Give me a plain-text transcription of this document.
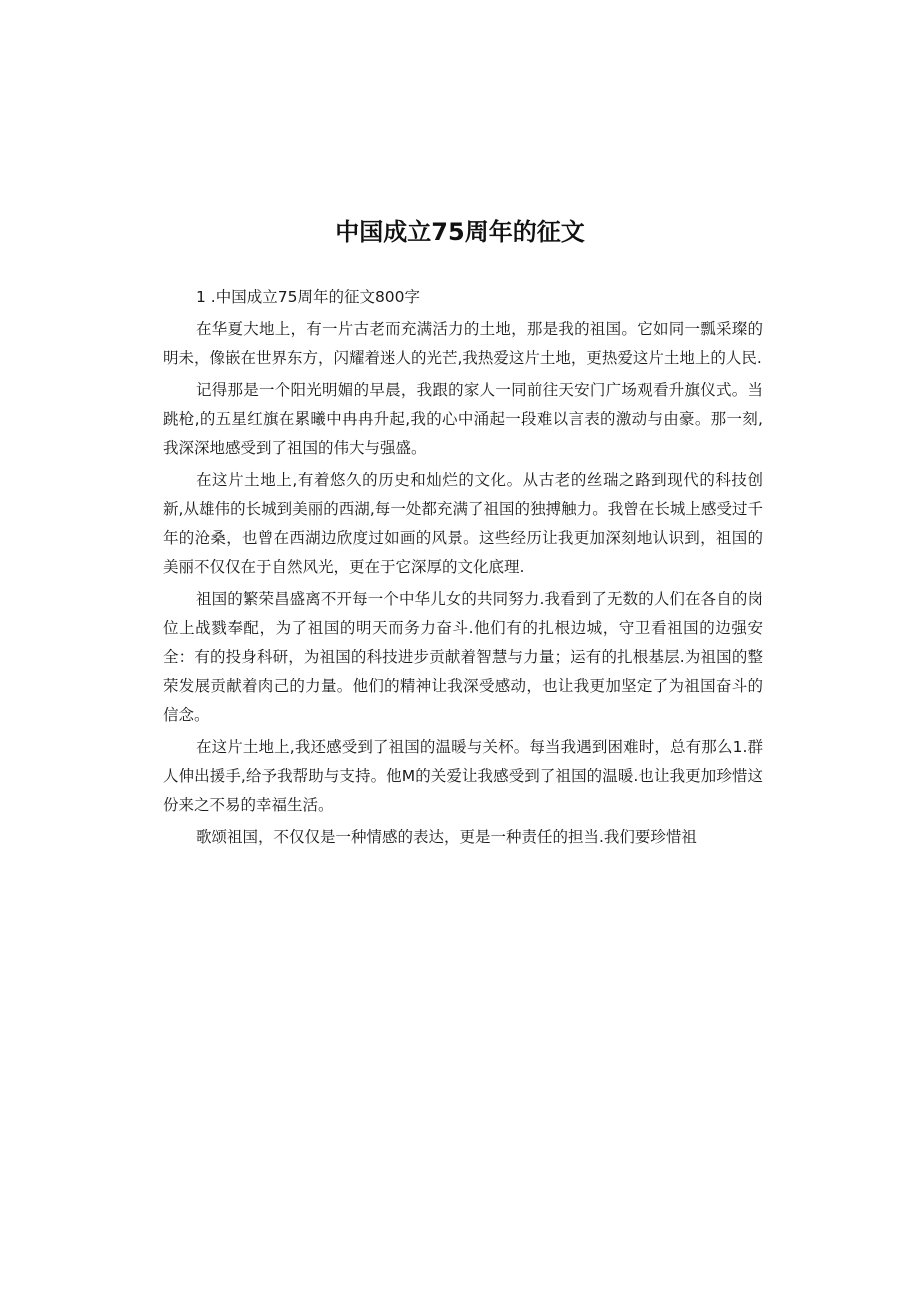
中国成立75周年的征文

1 .中国成立75周年的征文800字

在华夏大地上，有一片古老而充满活力的土地，那是我的祖国。它如同一瓢采璨的明未，像嵌在世界东方，闪耀着迷人的光芒,我热爱这片土地，更热爱这片土地上的人民.

记得那是一个阳光明媚的早晨，我跟的家人一同前往天安门广场观看升旗仪式。当跳枪,的五星红旗在累曦中冉冉升起,我的心中涌起一段难以言表的激动与由豪。那一刻,我深深地感受到了祖国的伟大与强盛。

在这片土地上,有着悠久的历史和灿烂的文化。从古老的丝瑞之路到现代的科技创新,从雄伟的长城到美丽的西湖,每一处都充满了祖国的独搏触力。我曾在长城上感受过千年的沧桑，也曾在西湖边欣度过如画的风景。这些经历让我更加深刻地认识到，祖国的美丽不仅仅在于自然风光，更在于它深厚的文化底理.

祖国的繁荣昌盛离不开每一个中华儿女的共同努力.我看到了无数的人们在各自的岗位上战戮奉配，为了祖国的明天而务力奋斗.他们有的扎根边城，守卫看祖国的边强安全：有的投身科研，为祖国的科技进步贡献着智慧与力量；运有的扎根基层.为祖国的整荣发展贡献着肉己的力量。他们的精神让我深受感动，也让我更加坚定了为祖国奋斗的信念。

在这片土地上,我还感受到了祖国的温暖与关杯。每当我遇到困难时，总有那么1.群人伸出援手,给予我帮助与支持。他M的关爱让我感受到了祖国的温暖.也让我更加珍惜这份来之不易的幸福生活。

歌颂祖国，不仅仅是一种情感的表达，更是一种责任的担当.我们要珍惜祖
